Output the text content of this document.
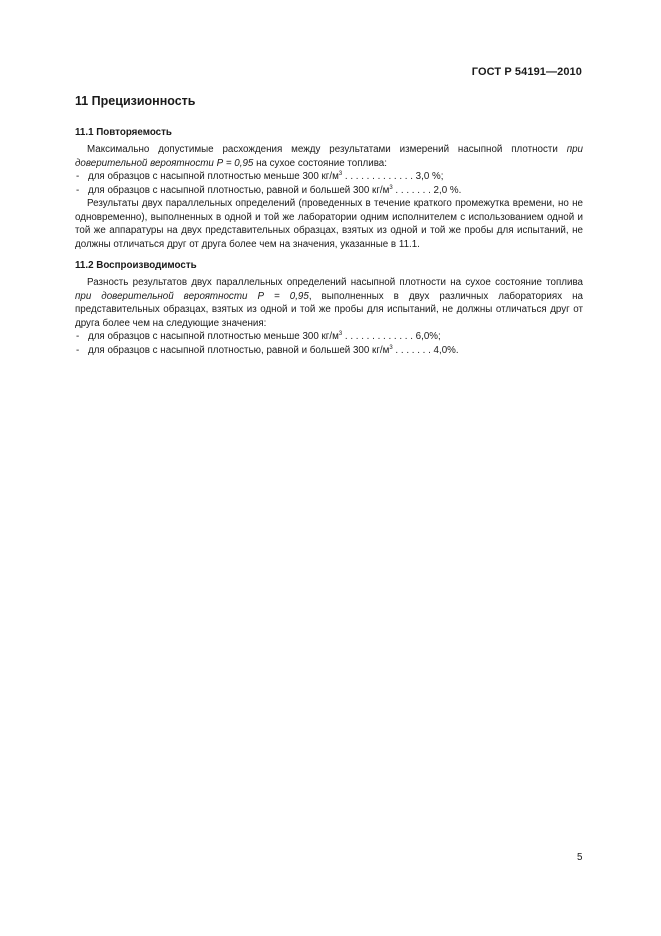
ГОСТ Р 54191—2010
11 Прецизионность
11.1 Повторяемость

Максимально допустимые расхождения между результатами измерений насыпной плотности при доверительной вероятности Р = 0,95 на сухое состояние топлива:

- для образцов с насыпной плотностью меньше 300 $кг/м^3$ . . . . . . . . . . . . . 3,0 %;
- для образцов с насыпной плотностью, равной и большей 300 $кг/м^3$ . . . . . . . 2,0 %.

Результаты двух параллельных определений (проведенных в течение краткого промежутка времени, но не одновременно), выполненных в одной и той же лаборатории одним исполнителем с использованием одной и той же аппаратуры на двух представительных образцах, взятых из одной и той же пробы для испытаний, не должны отличаться друг от друга более чем на значения, указанные в 11.1.

11.2 Воспроизводимость

Разность результатов двух параллельных определений насыпной плотности на сухое состояние топлива при доверительной вероятности Р = 0,95, выполненных в двух различных лабораториях на представительных образцах, взятых из одной и той же пробы для испытаний, не должны отличаться друг от друга более чем на следующие значения:

- для образцов с насыпной плотностью меньше 300 $кг/м^3$ . . . . . . . . . . . . . 6,0%;
- для образцов с насыпной плотностью, равной и большей 300 $кг/м^3$ . . . . . . . 4,0%.
5
